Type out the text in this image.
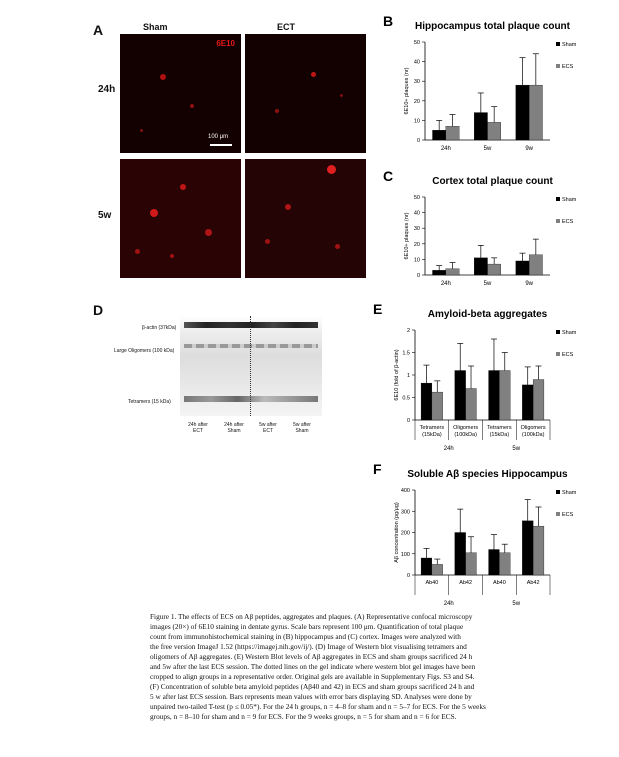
A	Sham	ECT
24h
5w
6E10
100 μm
B Hippocampus total plaque count
0
10
20
30
40
50
6E10+ plaques (nr)
24h	5w	9w
Sham
ECS
C	Cortex total plaque count
0
10
20
30
40
50
6E10+ plaques (nr)
24h	5w	9w
Sham
ECS
D
β-actin (37kDa)
Large Oligomers (100 kDa)
Tetramers (15 kDa)
24h after ECT
24h after Sham
5w after ECT
5w after Sham
E	Amyloid-beta aggregates
0
0.5
1
1.5
2
6E10 (fold of β-actin)
Tetramers (15kDa)
Oligomers (100kDa)
Tetramers (15kDa)
Oligomers (100kDa)
24h	5w
Sham
ECS
F	Soluble Aβ species Hippocampus
0
100
200
300
400
Aβ concentration (pg/μg)
Ab40	Ab42	Ab40	Ab42
24h	5w
Sham
ECS
Figure 1. The effects of ECS on Aβ peptides, aggregates and plaques. (A) Representative confocal microscopy
images (20×) of 6E10 staining in dentate gyrus. Scale bars represent 100 μm. Quantification of total plaque
count from immunohistochemical staining in (B) hippocampus and (C) cortex. Images were analyzed with
the free version ImageJ 1.52 (https://imagej.nih.gov/ij/). (D) Image of Western blot visualising tetramers and
oligomers of Aβ aggregates. (E) Western Blot levels of Aβ aggregates in ECS and sham groups sacrificed 24 h
and 5w after the last ECS session. The dotted lines on the gel indicate where western blot gel images have been
cropped to align groups in a representative order. Original gels are available in Supplementary Figs. S3 and S4.
(F) Concentration of soluble beta amyloid peptides (Aβ40 and 42) in ECS and sham groups sacrificed 24 h and
5 w after last ECS session. Bars represents mean values with error bars displaying SD. Analyses were done by
unpaired two-tailed T-test (p ≤ 0.05*). For the 24 h groups, n = 4–8 for sham and n = 5–7 for ECS. For the 5 weeks
groups, n = 8–10 for sham and n = 9 for ECS. For the 9 weeks groups, n = 5 for sham and n = 6 for ECS.
